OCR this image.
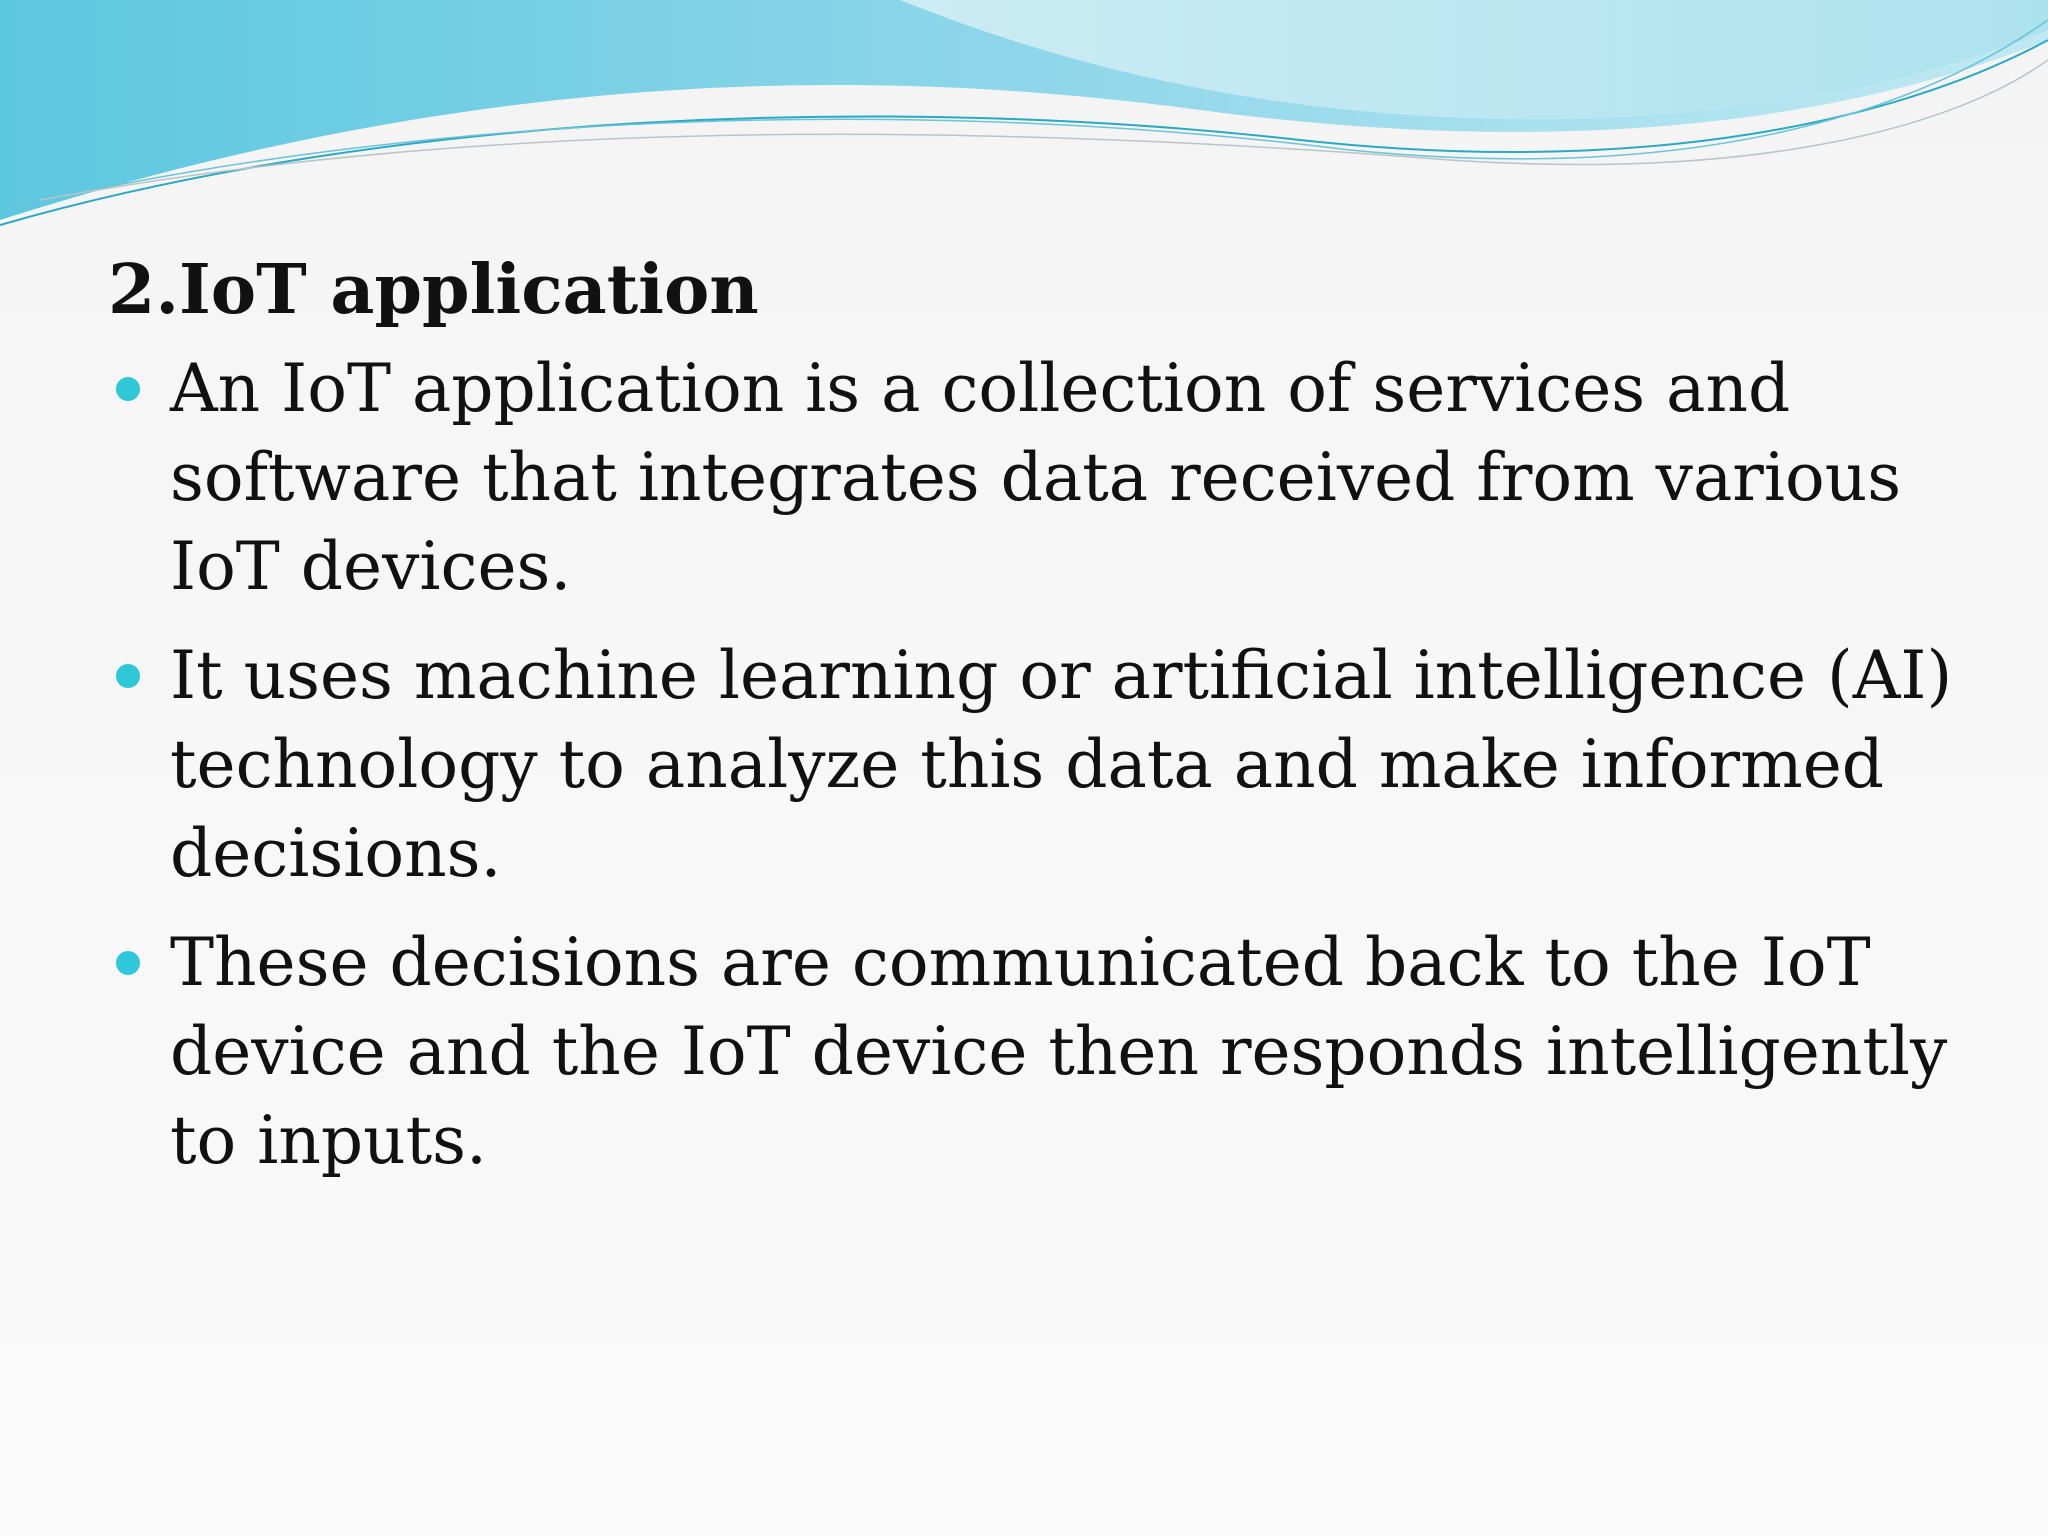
2.IoT application
An IoT application is a collection of services and software that integrates data received from various IoT devices.
It uses machine learning or artificial intelligence (AI) technology to analyze this data and make informed decisions.
These decisions are communicated back to the IoT device and the IoT device then responds intelligently to inputs.
